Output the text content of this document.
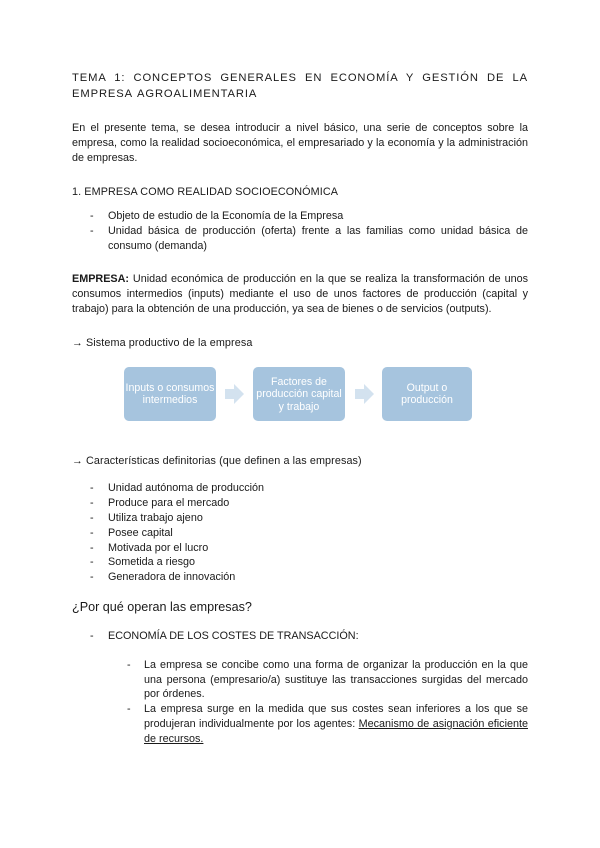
TEMA 1: CONCEPTOS GENERALES EN ECONOMÍA Y GESTIÓN DE LA EMPRESA AGROALIMENTARIA

En el presente tema, se desea introducir a nivel básico, una serie de conceptos sobre la empresa, como la realidad socioeconómica, el empresariado y la economía y la administración de empresas.

1. EMPRESA COMO REALIDAD SOCIOECONÓMICA

- Objeto de estudio de la Economía de la Empresa
- Unidad básica de producción (oferta) frente a las familias como unidad básica de consumo (demanda)

EMPRESA: Unidad económica de producción en la que se realiza la transformación de unos consumos intermedios (inputs) mediante el uso de unos factores de producción (capital y trabajo) para la obtención de una producción, ya sea de bienes o de servicios (outputs).

→ Sistema productivo de la empresa

Inputs o consumos intermedios
Factores de producción capital y trabajo
Output o producción

→ Características definitorias (que definen a las empresas)

- Unidad autónoma de producción
- Produce para el mercado
- Utiliza trabajo ajeno
- Posee capital
- Motivada por el lucro
- Sometida a riesgo
- Generadora de innovación

¿Por qué operan las empresas?

- ECONOMÍA DE LOS COSTES DE TRANSACCIÓN:
- La empresa se concibe como una forma de organizar la producción en la que una persona (empresario/a) sustituye las transacciones surgidas del mercado por órdenes.
- La empresa surge en la medida que sus costes sean inferiores a los que se produjeran individualmente por los agentes: Mecanismo de asignación eficiente de recursos.
